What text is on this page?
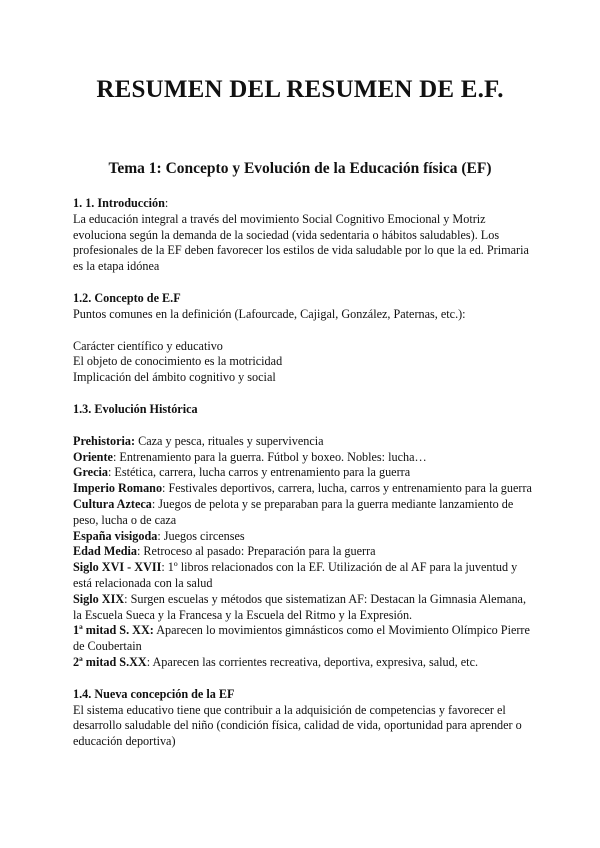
RESUMEN DEL RESUMEN DE E.F.
Tema 1: Concepto y Evolución de la Educación física (EF)
1. 1. Introducción:
La educación integral a través del movimiento Social Cognitivo Emocional y Motriz evoluciona según la demanda de la sociedad (vida sedentaria o hábitos saludables). Los profesionales de la EF deben favorecer los estilos de vida saludable por lo que la ed. Primaria es la etapa idónea
1.2. Concepto de E.F
Puntos comunes en la definición (Lafourcade, Cajigal, González, Paternas, etc.):
Carácter científico y educativo
El objeto de conocimiento es la motricidad
Implicación del ámbito cognitivo y social
1.3. Evolución Histórica
Prehistoria: Caza y pesca, rituales y supervivencia
Oriente: Entrenamiento para la guerra. Fútbol y boxeo. Nobles: lucha…
Grecia: Estética, carrera, lucha carros y entrenamiento para la guerra
Imperio Romano: Festivales deportivos, carrera, lucha, carros y entrenamiento para la guerra
Cultura Azteca: Juegos de pelota y se preparaban para la guerra mediante lanzamiento de peso, lucha o de caza
España visigoda: Juegos circenses
Edad Media: Retroceso al pasado: Preparación para la guerra
Siglo XVI - XVII: 1º libros relacionados con la EF. Utilización de al AF para la juventud y está relacionada con la salud
Siglo XIX: Surgen escuelas y métodos que sistematizan AF: Destacan la Gimnasia Alemana, la Escuela Sueca y la Francesa y la Escuela del Ritmo y la Expresión.
1ª mitad S. XX: Aparecen lo movimientos gimnásticos como el Movimiento Olímpico Pierre de Coubertain
2ª mitad S.XX: Aparecen las corrientes recreativa, deportiva, expresiva, salud, etc.
1.4. Nueva concepción de la EF
El sistema educativo tiene que contribuir a la adquisición de competencias y favorecer el desarrollo saludable del niño (condición física, calidad de vida, oportunidad para aprender o educación deportiva)
